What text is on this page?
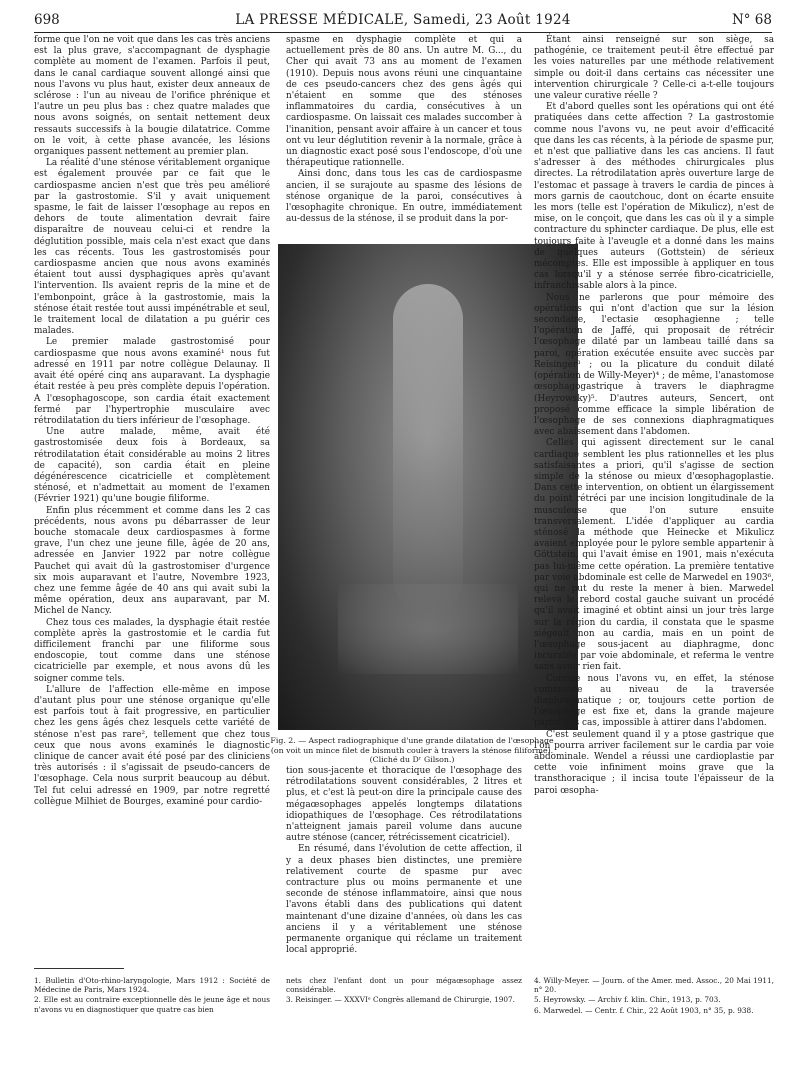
698	LA PRESSE MÉDICALE, Samedi, 23 Août 1924	N° 68

forme que l'on ne voit que dans les cas très anciens est la plus grave, s'accompagnant de dysphagie complète au moment de l'examen. Parfois il peut, dans le canal cardiaque souvent allongé ainsi que nous l'avons vu plus haut, exister deux anneaux de sclérose : l'un au niveau de l'orifice phrénique et l'autre un peu plus bas : chez quatre malades que nous avons soignés, on sentait nettement deux ressauts successifs à la bougie dilatatrice. Comme on le voit, à cette phase avancée, les lésions organiques passent nettement au premier plan.

La réalité d'une sténose véritablement organique est également prouvée par ce fait que le cardiospasme ancien n'est que très peu amélioré par la gastrostomie. S'il y avait uniquement spasme, le fait de laisser l'œsophage au repos en dehors de toute alimentation devrait faire disparaître de nouveau celui-ci et rendre la déglutition possible, mais cela n'est exact que dans les cas récents. Tous les gastrostomisés pour cardiospasme ancien que nous avons examinés étaient tout aussi dysphagiques après qu'avant l'intervention. Ils avaient repris de la mine et de l'embonpoint, grâce à la gastrostomie, mais la sténose était restée tout aussi impénétrable et seul, le traitement local de dilatation a pu guérir ces malades.

Le premier malade gastrostomisé pour cardiospasme que nous avons examiné¹ nous fut adressé en 1911 par notre collègue Delaunay. Il avait été opéré cinq ans auparavant. La dysphagie était restée à peu près complète depuis l'opération. A l'œsophagoscope, son cardia était exactement fermé par l'hypertrophie musculaire avec rétrodilatation du tiers inférieur de l'œsophage.

Une autre malade, même, avait été gastrostomisée deux fois à Bordeaux, sa rétrodilatation était considérable au moins 2 litres de capacité), son cardia était en pleine dégénérescence cicatricielle et complètement sténosé, et n'admettait au moment de l'examen (Février 1921) qu'une bougie filiforme.

Enfin plus récemment et comme dans les 2 cas précédents, nous avons pu débarrasser de leur bouche stomacale deux cardiospasmes à forme grave, l'un chez une jeune fille, âgée de 20 ans, adressée en Janvier 1922 par notre collègue Pauchet qui avait dû la gastrostomiser d'urgence six mois auparavant et l'autre, Novembre 1923, chez une femme âgée de 40 ans qui avait subi la même opération, deux ans auparavant, par M. Michel de Nancy.

Chez tous ces malades, la dysphagie était restée complète après la gastrostomie et le cardia fut difficilement franchi par une filiforme sous endoscopie, tout comme dans une sténose cicatricielle par exemple, et nous avons dû les soigner comme tels.

L'allure de l'affection elle-même en impose d'autant plus pour une sténose organique qu'elle est parfois tout à fait progressive, en particulier chez les gens âgés chez lesquels cette variété de sténose n'est pas rare², tellement que chez tous ceux que nous avons examinés le diagnostic clinique de cancer avait été posé par des cliniciens très autorisés : il s'agissait de pseudo-cancers de l'œsophage. Cela nous surprit beaucoup au début. Tel fut celui adressé en 1909, par notre regretté collègue Milhiet de Bourges, examiné pour cardio-

spasme en dysphagie complète et qui a actuellement près de 80 ans. Un autre M. G..., du Cher qui avait 73 ans au moment de l'examen (1910). Depuis nous avons réuni une cinquantaine de ces pseudo-cancers chez des gens âgés qui n'étaient en somme que des sténoses inflammatoires du cardia, consécutives à un cardiospasme. On laissait ces malades succomber à l'inanition, pensant avoir affaire à un cancer et tous ont vu leur déglutition revenir à la normale, grâce à un diagnostic exact posé sous l'endoscope, d'où une thérapeutique rationnelle.

Ainsi donc, dans tous les cas de cardiospasme ancien, il se surajoute au spasme des lésions de sténose organique de la paroi, consécutives à l'œsophagite chronique. En outre, immédiatement au-dessus de la sténose, il se produit dans la por-

Fig. 2. — Aspect radiographique d'une grande dilatation de l'œsophage
(on voit un mince filet de bismuth couler à travers la sténose filiforme).
(Cliché du Dʳ Gilson.)

tion sous-jacente et thoracique de l'œsophage des rétrodilatations souvent considérables, 2 litres et plus, et c'est là peut-on dire la principale cause des mégaœsophages appelés longtemps dilatations idiopathiques de l'œsophage. Ces rétrodilatations n'atteignent jamais pareil volume dans aucune autre sténose (cancer, rétrécissement cicatriciel).

En résumé, dans l'évolution de cette affection, il y a deux phases bien distinctes, une première relativement courte de spasme pur avec contracture plus ou moins permanente et une seconde de sténose inflammatoire, ainsi que nous l'avons établi dans des publications qui datent maintenant d'une dizaine d'années, où dans les cas anciens il y a véritablement une sténose permanente organique qui réclame un traitement local approprié.

Étant ainsi renseigné sur son siège, sa pathogénie, ce traitement peut-il être effectué par les voies naturelles par une méthode relativement simple ou doit-il dans certains cas nécessiter une intervention chirurgicale ? Celle-ci a-t-elle toujours une valeur curative réelle ?

Et d'abord quelles sont les opérations qui ont été pratiquées dans cette affection ? La gastrostomie comme nous l'avons vu, ne peut avoir d'efficacité que dans les cas récents, à la période de spasme pur, et n'est que palliative dans les cas anciens. Il faut s'adresser à des méthodes chirurgicales plus directes. La rétrodilatation après ouverture large de l'estomac et passage à travers le cardia de pinces à mors garnis de caoutchouc, dont on écarte ensuite les mors (telle est l'opération de Mikulicz), n'est de mise, on le conçoit, que dans les cas où il y a simple contracture du sphincter cardiaque. De plus, elle est toujours faite à l'aveugle et a donné dans les mains de quelques auteurs (Gottstein) de sérieux mécomptes. Elle est impossible à appliquer en tous cas lorsqu'il y a sténose serrée fibro-cicatricielle, infranchissable alors à la pince.

Nous ne parlerons que pour mémoire des opérations qui n'ont d'action que sur la lésion secondaire, l'ectasie œsophagienne ; telle l'opération de Jaffé, qui proposait de rétrécir l'œsophage dilaté par un lambeau taillé dans sa paroi, opération exécutée ensuite avec succès par Reisinger³ ; ou la plicature du conduit dilaté (opération de Willy-Meyer)⁴ ; de même, l'anastomose œsophagogastrique à travers le diaphragme (Heyrowsky)⁵. D'autres auteurs, Sencert, ont proposé comme efficace la simple libération de l'œsophage de ses connexions diaphragmatiques avec abaissement dans l'abdomen.

Celles qui agissent directement sur le canal cardiaque semblent les plus rationnelles et les plus satisfaisantes a priori, qu'il s'agisse de section simple de la sténose ou mieux d'œsophagoplastie. Dans cette intervention, on obtient un élargissement du point rétréci par une incision longitudinale de la musculeuse que l'on suture ensuite transversalement. L'idée d'appliquer au cardia sténosé la méthode que Heinecke et Mikulicz avaient employée pour le pylore semble appartenir à Göttstein, qui l'avait émise en 1901, mais n'exécuta pas lui-même cette opération. La première tentative par voie abdominale est celle de Marwedel en 1903⁶, qui ne put du reste la mener à bien. Marwedel releva le rebord costal gauche suivant un procédé qu'il avait imaginé et obtint ainsi un jour très large sur la région du cardia, il constata que le spasme siégeait non au cardia, mais en un point de l'œsophage sous-jacent au diaphragme, donc incurable par voie abdominale, et referma le ventre sans avoir rien fait.

Comme nous l'avons vu, en effet, la sténose commence au niveau de la traversée diaphragmatique ; or, toujours cette portion de l'œsophage est fixe et, dans la grande majeure partie des cas, impossible à attirer dans l'abdomen.

C'est seulement quand il y a ptose gastrique que l'on pourra arriver facilement sur le cardia par voie abdominale. Wendel a réussi une cardioplastie par cette voie infiniment moins grave que la transthoracique ; il incisa toute l'épaisseur de la paroi œsopha-

1. Bulletin d'Oto-rhino-laryngologie, Mars 1912 : Société de Médecine de Paris, Mars 1924.

2. Elle est au contraire exceptionnelle dès le jeune âge et nous n'avons vu en diagnostiquer que quatre cas bien

nets chez l'enfant dont un pour mégaœsophage assez considérable.

3. Reisinger. — XXXVIᵉ Congrès allemand de Chirurgie, 1907.

4. Willy-Meyer. — Journ. of the Amer. med. Assoc., 20 Mai 1911, n° 20.

5. Heyrowsky. — Archiv f. klin. Chir., 1913, p. 703.

6. Marwedel. — Centr. f. Chir., 22 Août 1903, n° 35, p. 938.
